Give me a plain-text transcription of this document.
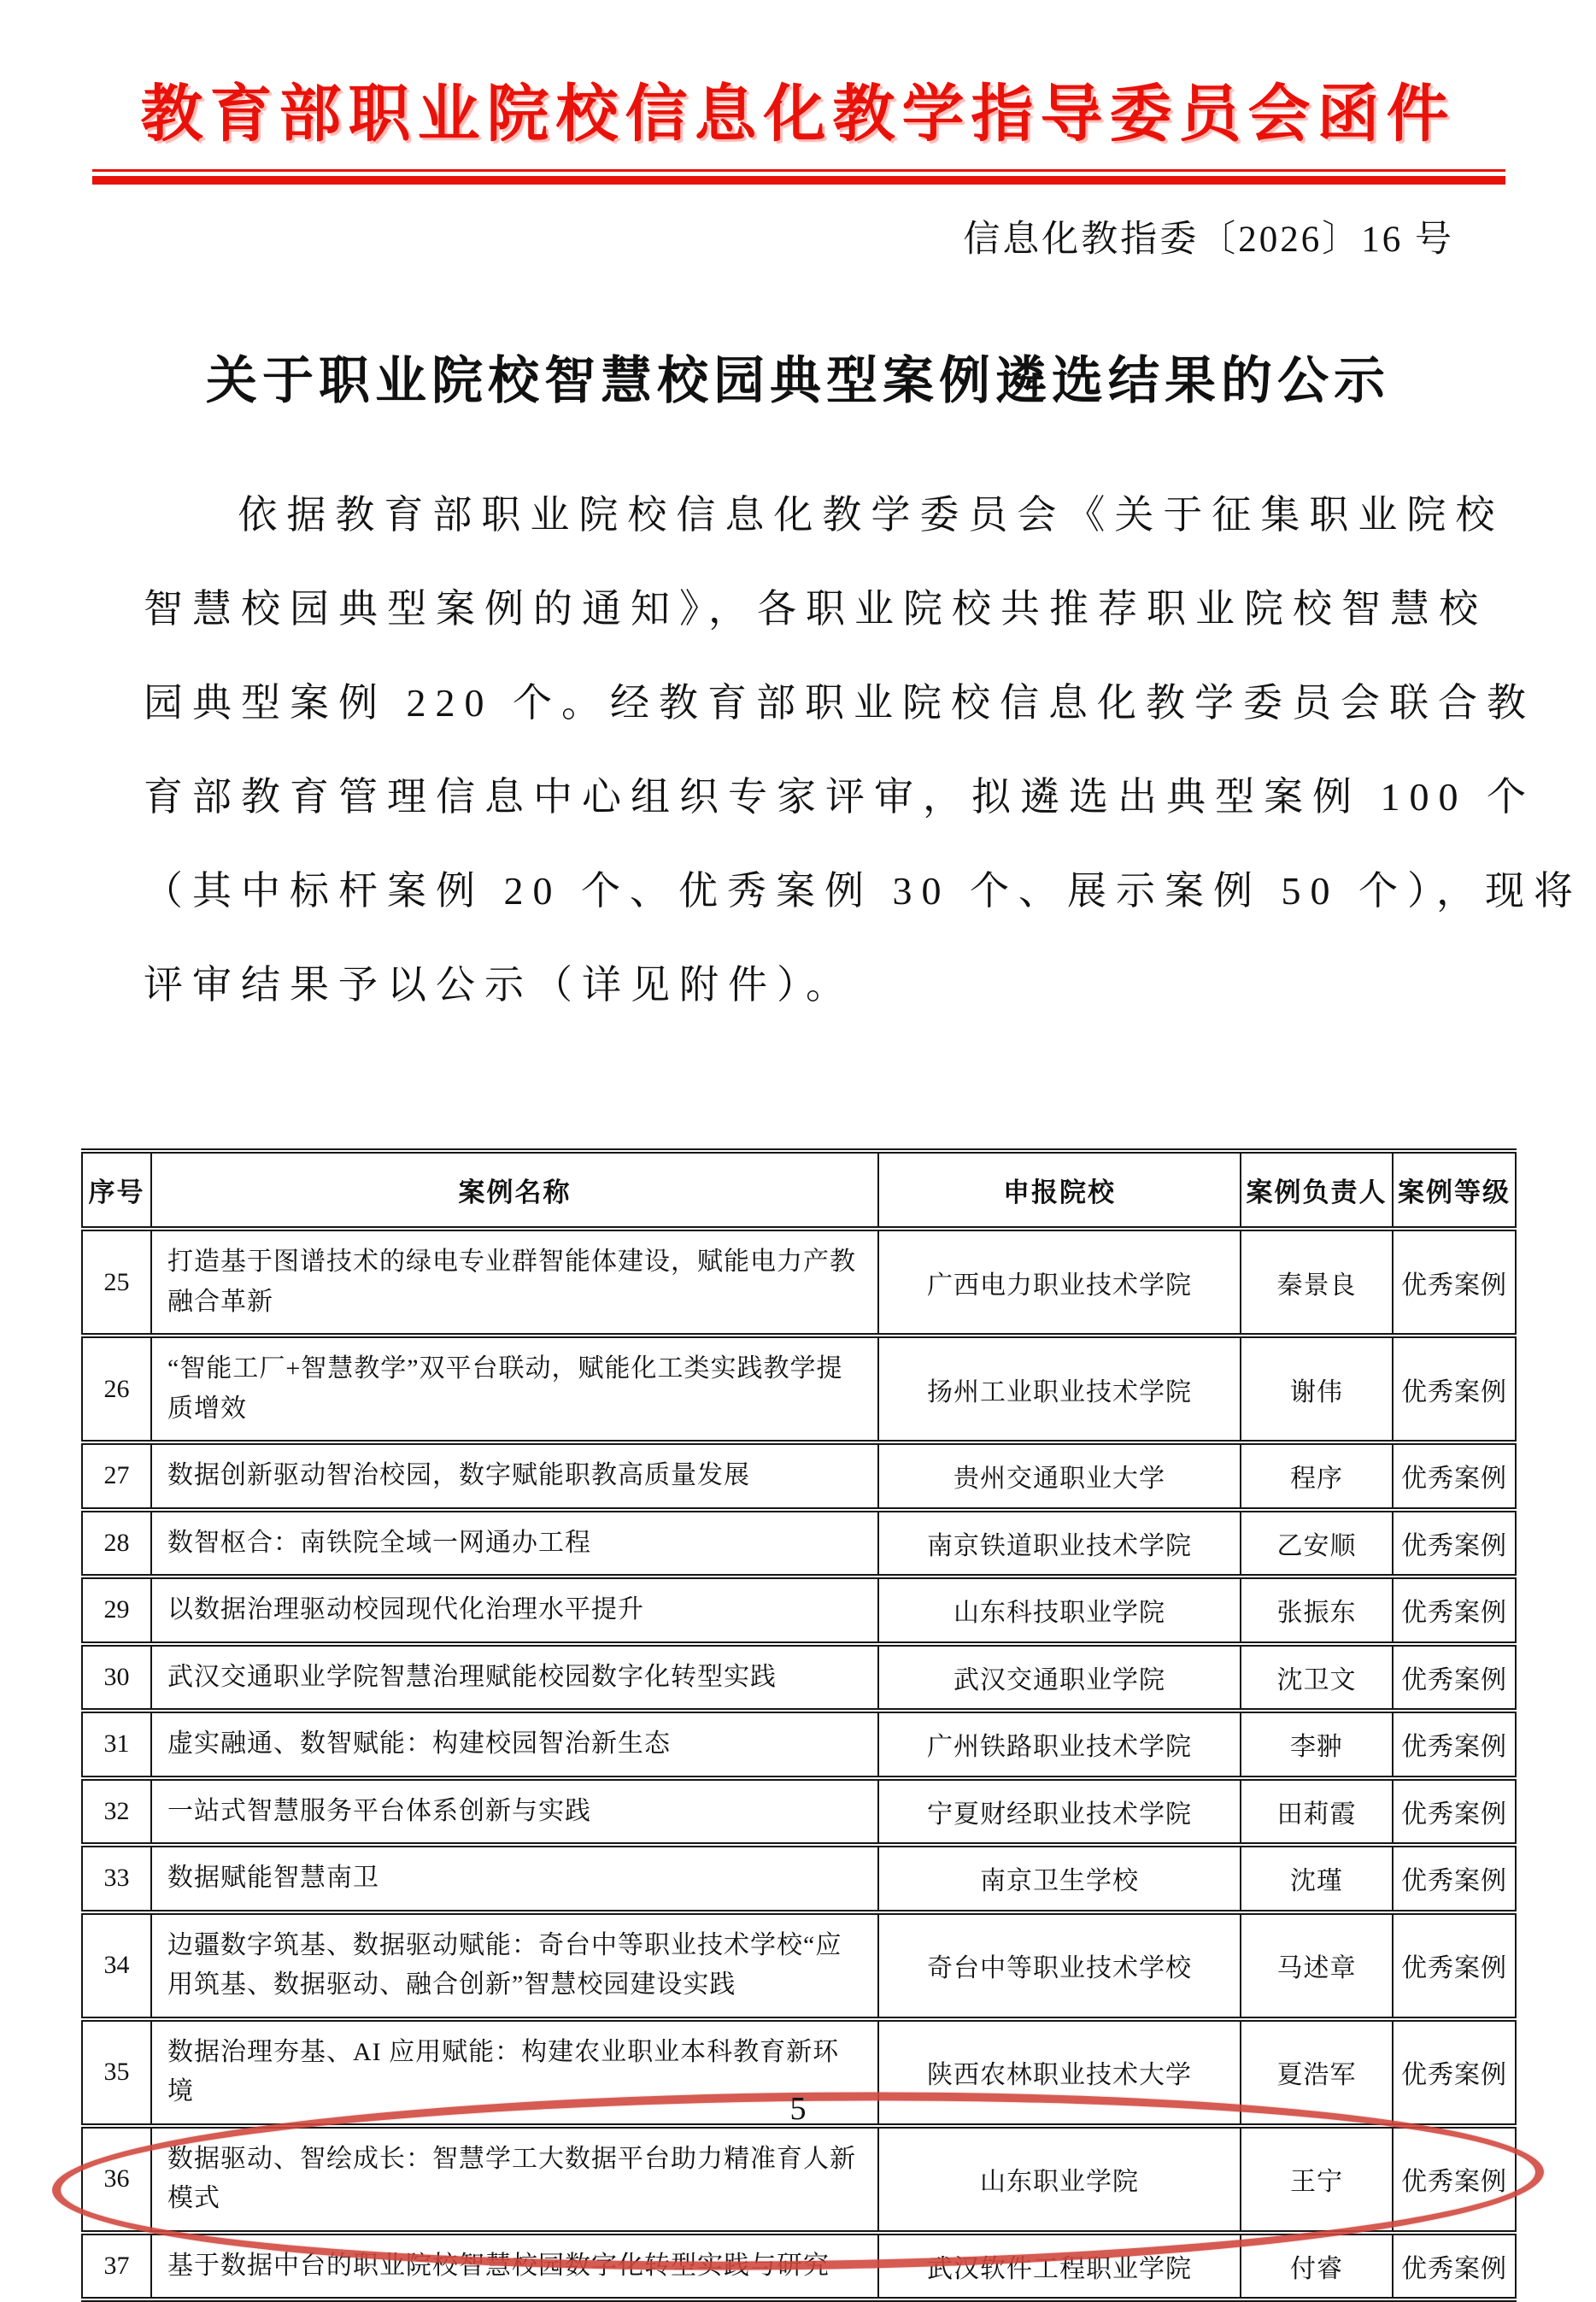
教育部职业院校信息化教学指导委员会函件
信息化教指委〔2026〕16 号
关于职业院校智慧校园典型案例遴选结果的公示
依据教育部职业院校信息化教学委员会《关于征集职业院校
智慧校园典型案例的通知》，各职业院校共推荐职业院校智慧校
园典型案例 220 个。经教育部职业院校信息化教学委员会联合教
育部教育管理信息中心组织专家评审，拟遴选出典型案例 100 个
（其中标杆案例 20 个、优秀案例 30 个、展示案例 50 个），现将
评审结果予以公示（详见附件）。
序号	案例名称	申报院校	案例负责人	案例等级
25	打造基于图谱技术的绿电专业群智能体建设，赋能电力产教融合革新	广西电力职业技术学院	秦景良	优秀案例
26	“智能工厂+智慧教学”双平台联动，赋能化工类实践教学提质增效	扬州工业职业技术学院	谢伟	优秀案例
27	数据创新驱动智治校园，数字赋能职教高质量发展	贵州交通职业大学	程序	优秀案例
28	数智枢合：南铁院全域一网通办工程	南京铁道职业技术学院	乙安顺	优秀案例
29	以数据治理驱动校园现代化治理水平提升	山东科技职业学院	张振东	优秀案例
30	武汉交通职业学院智慧治理赋能校园数字化转型实践	武汉交通职业学院	沈卫文	优秀案例
31	虚实融通、数智赋能：构建校园智治新生态	广州铁路职业技术学院	李翀	优秀案例
32	一站式智慧服务平台体系创新与实践	宁夏财经职业技术学院	田莉霞	优秀案例
33	数据赋能智慧南卫	南京卫生学校	沈瑾	优秀案例
34	边疆数字筑基、数据驱动赋能：奇台中等职业技术学校“应用筑基、数据驱动、融合创新”智慧校园建设实践	奇台中等职业技术学校	马述章	优秀案例
35	数据治理夯基、AI 应用赋能：构建农业职业本科教育新环境	陕西农林职业技术大学	夏浩军	优秀案例
36	数据驱动、智绘成长：智慧学工大数据平台助力精准育人新模式	山东职业学院	王宁	优秀案例
37	基于数据中台的职业院校智慧校园数字化转型实践与研究	武汉软件工程职业学院	付睿	优秀案例
5
